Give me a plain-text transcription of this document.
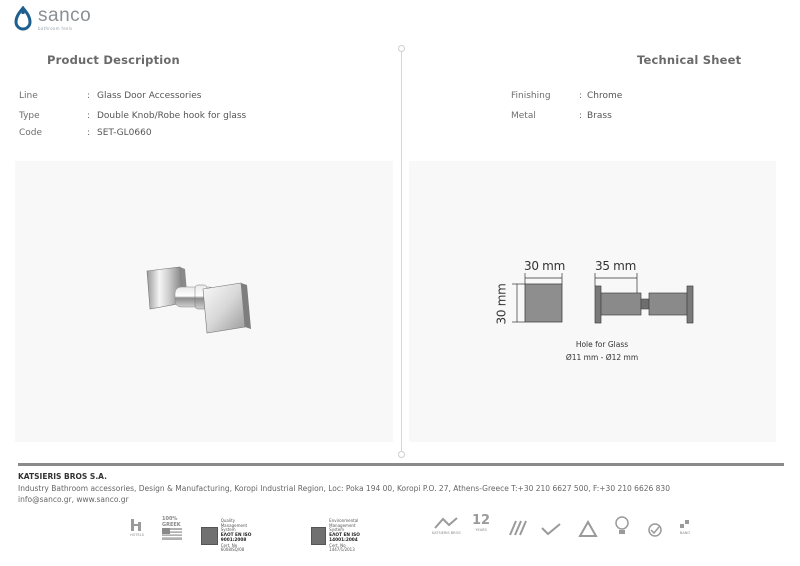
sanco
bathroom feels
Product Description	Technical Sheet
Line	: Glass Door Accessories
Type	: Double Knob/Robe hook for glass
Code	: SET-GL0660
Finishing	: Chrome
Metal	: Brass
30 mm	35 mm
30 mm
Hole for Glass
Ø11 mm - Ø12 mm
KATSIERIS BROS S.A.
Industry Bathroom accessories, Design & Manufacturing, Koropi Industrial Region, Loc: Poka 194 00, Koropi P.O. 27, Athens-Greece T:+30 210 6627 500, F:+30 210 6626 830
info@sanco.gr, www.sanco.gr
HOTELS
100% GREEK
Quality Management System
ΕΛΟΤ EN ISO 9001:2008
Cert. No 6008ISQ/08
Environmental Management System
ΕΛΟΤ EN ISO 14001:2004
Cert. No 1447/1/2013
KATSIERIS BROS
12
YEARS
NANO
